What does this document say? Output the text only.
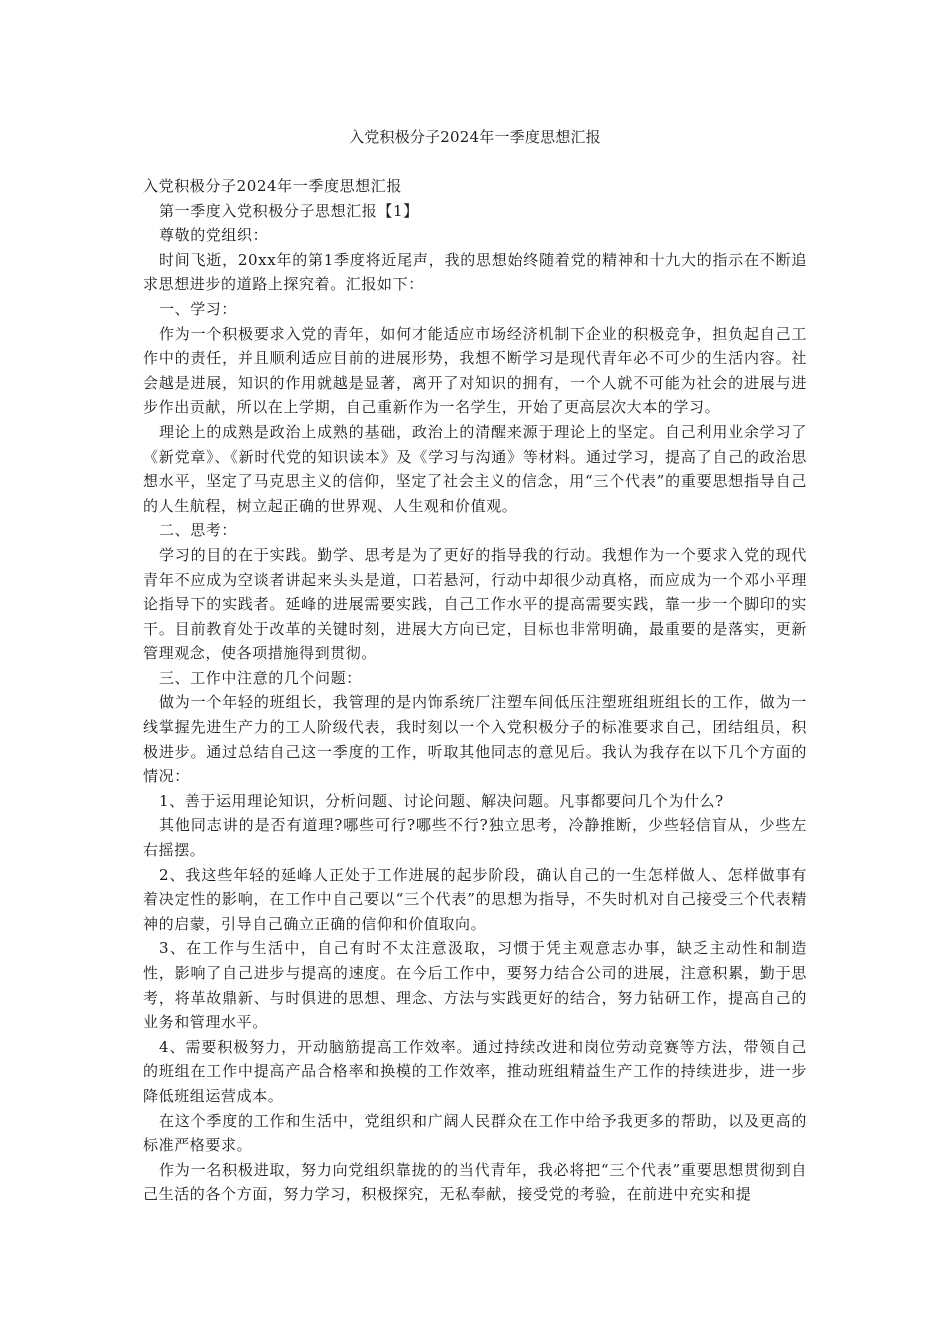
入党积极分子2024年一季度思想汇报

入党积极分子2024年一季度思想汇报

第一季度入党积极分子思想汇报【1】

尊敬的党组织：

时间飞逝，20xx年的第1季度将近尾声，我的思想始终随着党的精神和十九大的指示在不断追求思想进步的道路上探究着。汇报如下：

一、学习：

作为一个积极要求入党的青年，如何才能适应市场经济机制下企业的积极竞争，担负起自己工作中的责任，并且顺利适应目前的进展形势，我想不断学习是现代青年必不可少的生活内容。社会越是进展，知识的作用就越是显著，离开了对知识的拥有，一个人就不可能为社会的进展与进步作出贡献，所以在上学期，自己重新作为一名学生，开始了更高层次大本的学习。

理论上的成熟是政治上成熟的基础，政治上的清醒来源于理论上的坚定。自己利用业余学习了《新党章》、《新时代党的知识读本》及《学习与沟通》等材料。通过学习，提高了自己的政治思想水平，坚定了马克思主义的信仰，坚定了社会主义的信念，用“三个代表”的重要思想指导自己的人生航程，树立起正确的世界观、人生观和价值观。

二、思考：

学习的目的在于实践。勤学、思考是为了更好的指导我的行动。我想作为一个要求入党的现代青年不应成为空谈者讲起来头头是道，口若悬河，行动中却很少动真格，而应成为一个邓小平理论指导下的实践者。延峰的进展需要实践，自己工作水平的提高需要实践，靠一步一个脚印的实干。目前教育处于改革的关键时刻，进展大方向已定，目标也非常明确，最重要的是落实，更新管理观念，使各项措施得到贯彻。

三、工作中注意的几个问题：

做为一个年轻的班组长，我管理的是内饰系统厂注塑车间低压注塑班组班组长的工作，做为一线掌握先进生产力的工人阶级代表，我时刻以一个入党积极分子的标准要求自己，团结组员，积极进步。通过总结自己这一季度的工作，听取其他同志的意见后。我认为我存在以下几个方面的情况：

1、善于运用理论知识，分析问题、讨论问题、解决问题。凡事都要问几个为什么?

其他同志讲的是否有道理?哪些可行?哪些不行?独立思考，冷静推断，少些轻信盲从，少些左右摇摆。

2、我这些年轻的延峰人正处于工作进展的起步阶段，确认自己的一生怎样做人、怎样做事有着决定性的影响，在工作中自己要以“三个代表”的思想为指导，不失时机对自己接受三个代表精神的启蒙，引导自己确立正确的信仰和价值取向。

3、在工作与生活中，自己有时不太注意汲取，习惯于凭主观意志办事，缺乏主动性和制造性，影响了自己进步与提高的速度。在今后工作中，要努力结合公司的进展，注意积累，勤于思考，将革故鼎新、与时俱进的思想、理念、方法与实践更好的结合，努力钻研工作，提高自己的业务和管理水平。

4、需要积极努力，开动脑筋提高工作效率。通过持续改进和岗位劳动竞赛等方法，带领自己的班组在工作中提高产品合格率和换模的工作效率，推动班组精益生产工作的持续进步，进一步降低班组运营成本。

在这个季度的工作和生活中，党组织和广阔人民群众在工作中给予我更多的帮助，以及更高的标准严格要求。

作为一名积极进取，努力向党组织靠拢的的当代青年，我必将把“三个代表”重要思想贯彻到自己生活的各个方面，努力学习，积极探究，无私奉献，接受党的考验，在前进中充实和提
